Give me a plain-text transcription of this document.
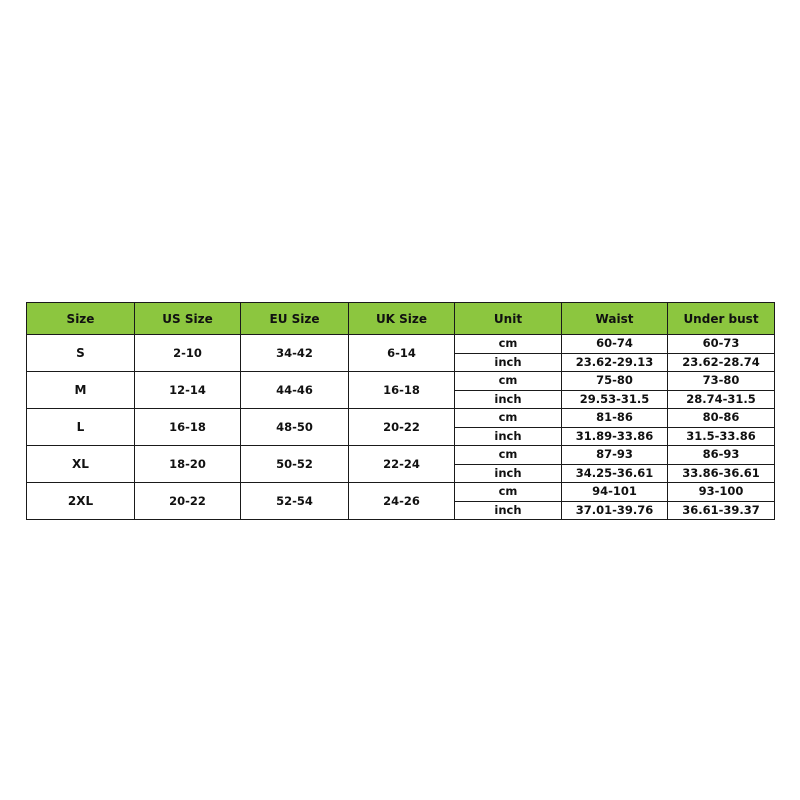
Size	US Size	EU Size	UK Size	Unit	Waist	Under bust
S	2-10	34-42	6-14	cm	60-74	60-73
				inch	23.62-29.13	23.62-28.74
M	12-14	44-46	16-18	cm	75-80	73-80
				inch	29.53-31.5	28.74-31.5
L	16-18	48-50	20-22	cm	81-86	80-86
				inch	31.89-33.86	31.5-33.86
XL	18-20	50-52	22-24	cm	87-93	86-93
				inch	34.25-36.61	33.86-36.61
2XL	20-22	52-54	24-26	cm	94-101	93-100
				inch	37.01-39.76	36.61-39.37
